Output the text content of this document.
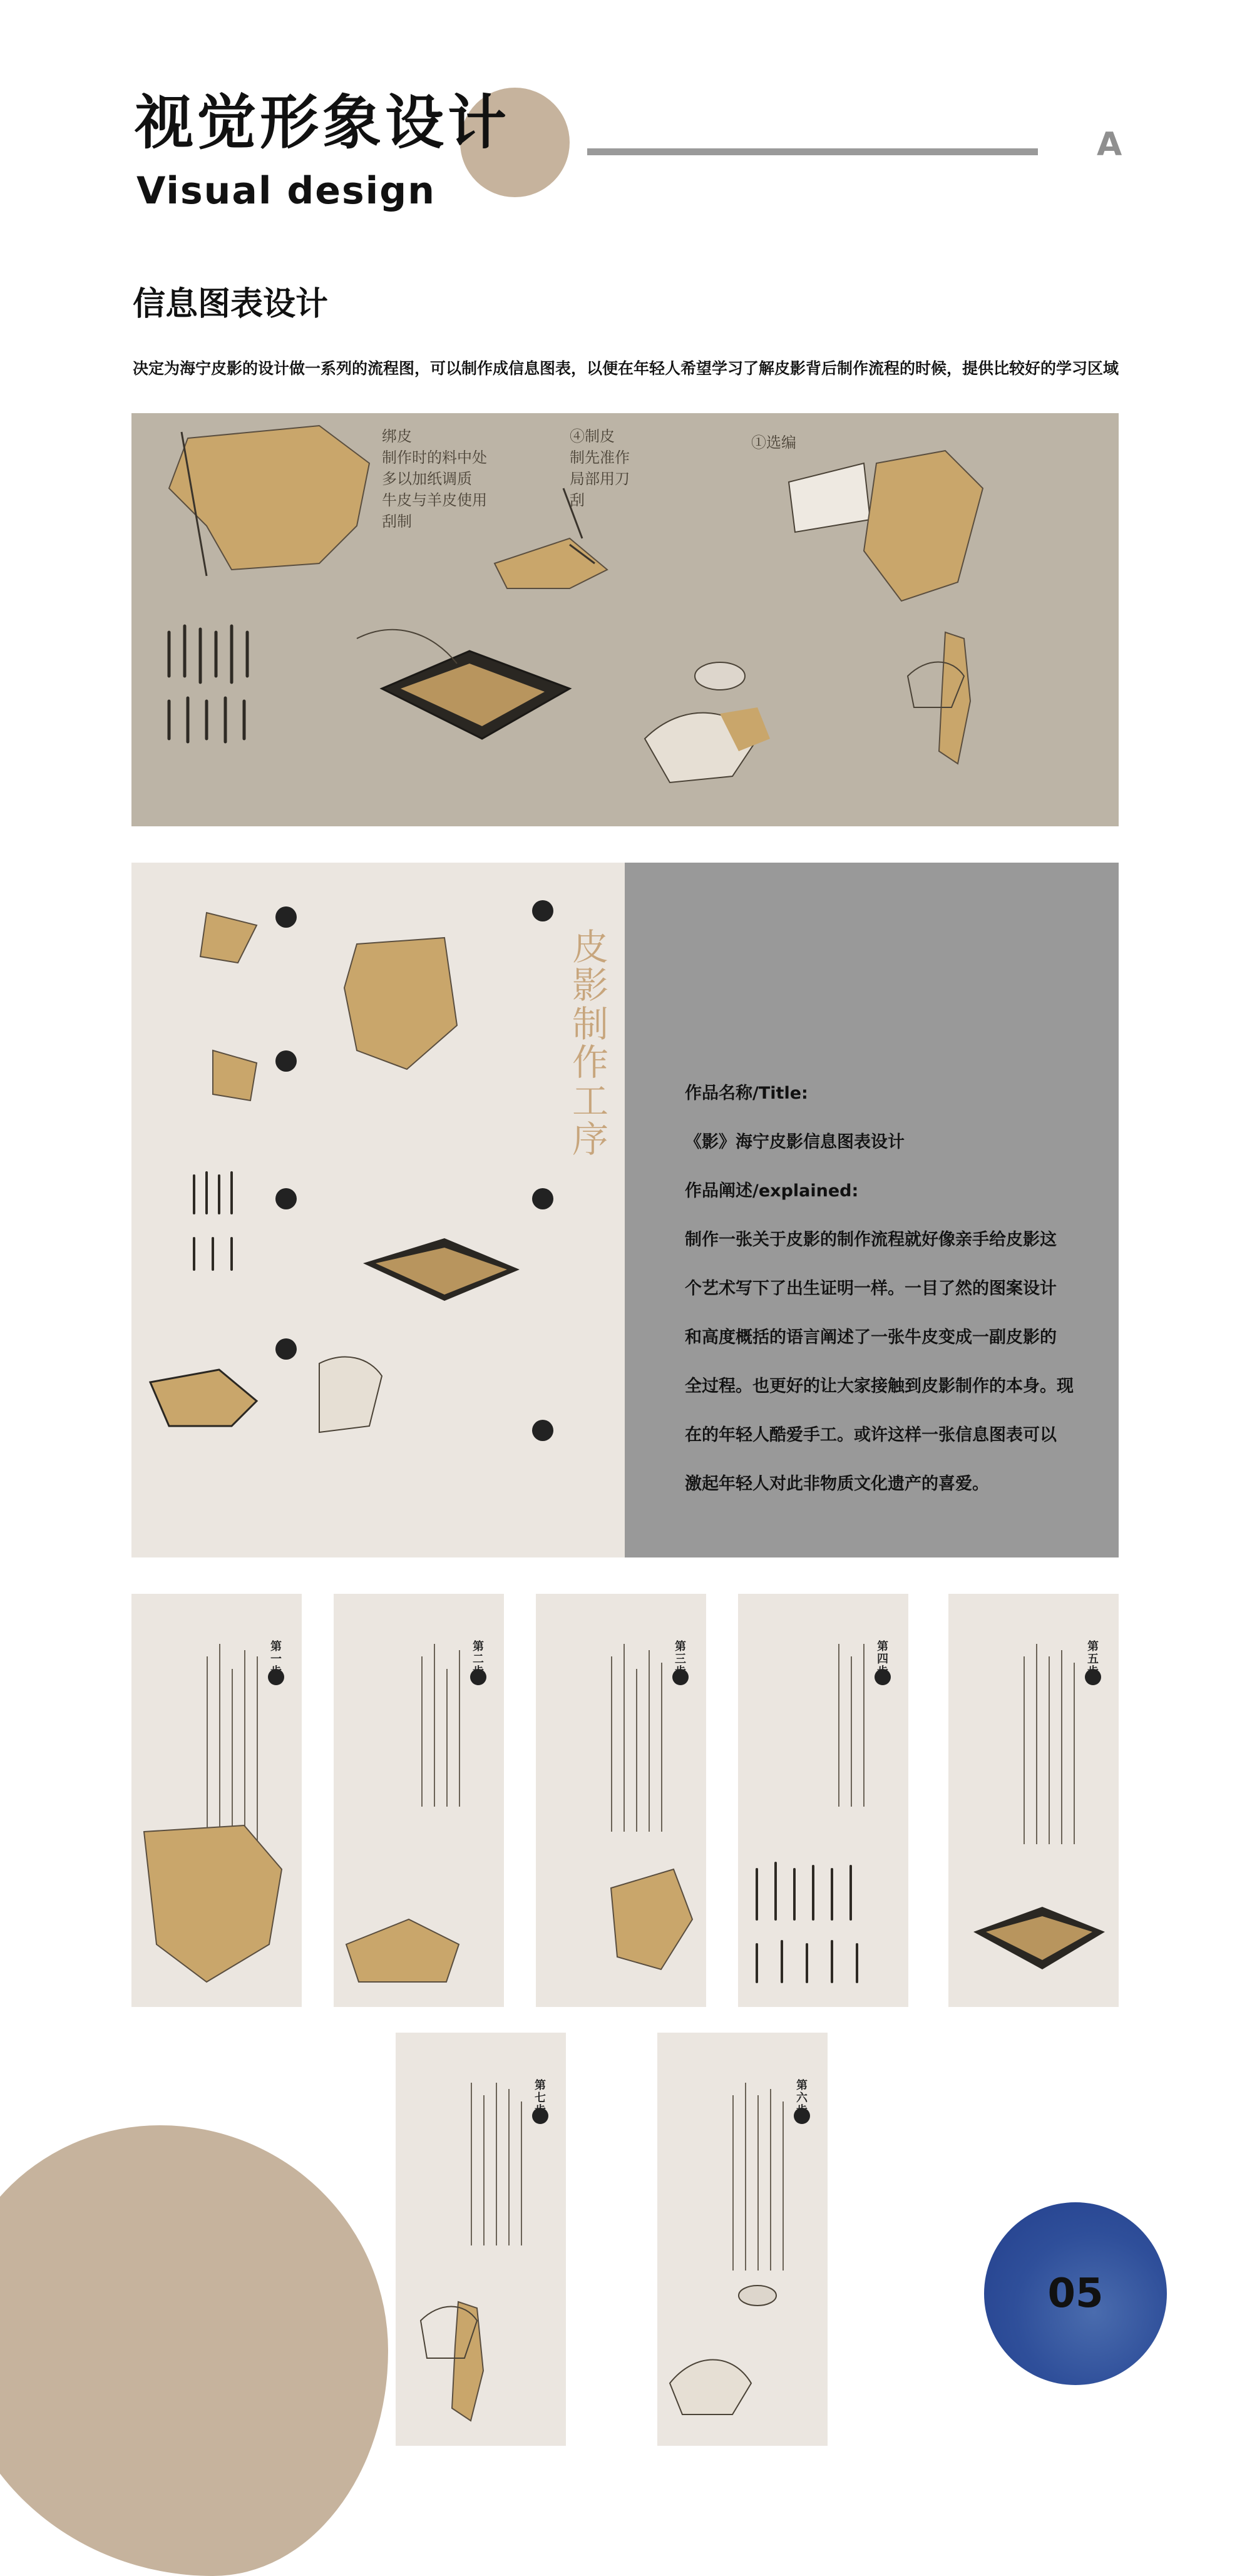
视觉形象设计
Visual design
A
信息图表设计
决定为海宁皮影的设计做一系列的流程图，可以制作成信息图表，以便在年轻人希望学习了解皮影背后制作流程的时候，提供比较好的学习区域
绑皮
制作时的料中处
多以加纸调质
牛皮与羊皮使用
刮制
④制皮
制先准作
局部用刀
刮
①选编
皮影制作工序
作品名称/Title:
《影》海宁皮影信息图表设计
作品阐述/explained:
制作一张关于皮影的制作流程就好像亲手给皮影这
个艺术写下了出生证明一样。一目了然的图案设计
和高度概括的语言阐述了一张牛皮变成一副皮影的
全过程。也更好的让大家接触到皮影制作的本身。现
在的年轻人酷爱手工。或许这样一张信息图表可以
激起年轻人对此非物质文化遗产的喜爱。
第一
第二
第三
第四
第五
第七
第六
05
